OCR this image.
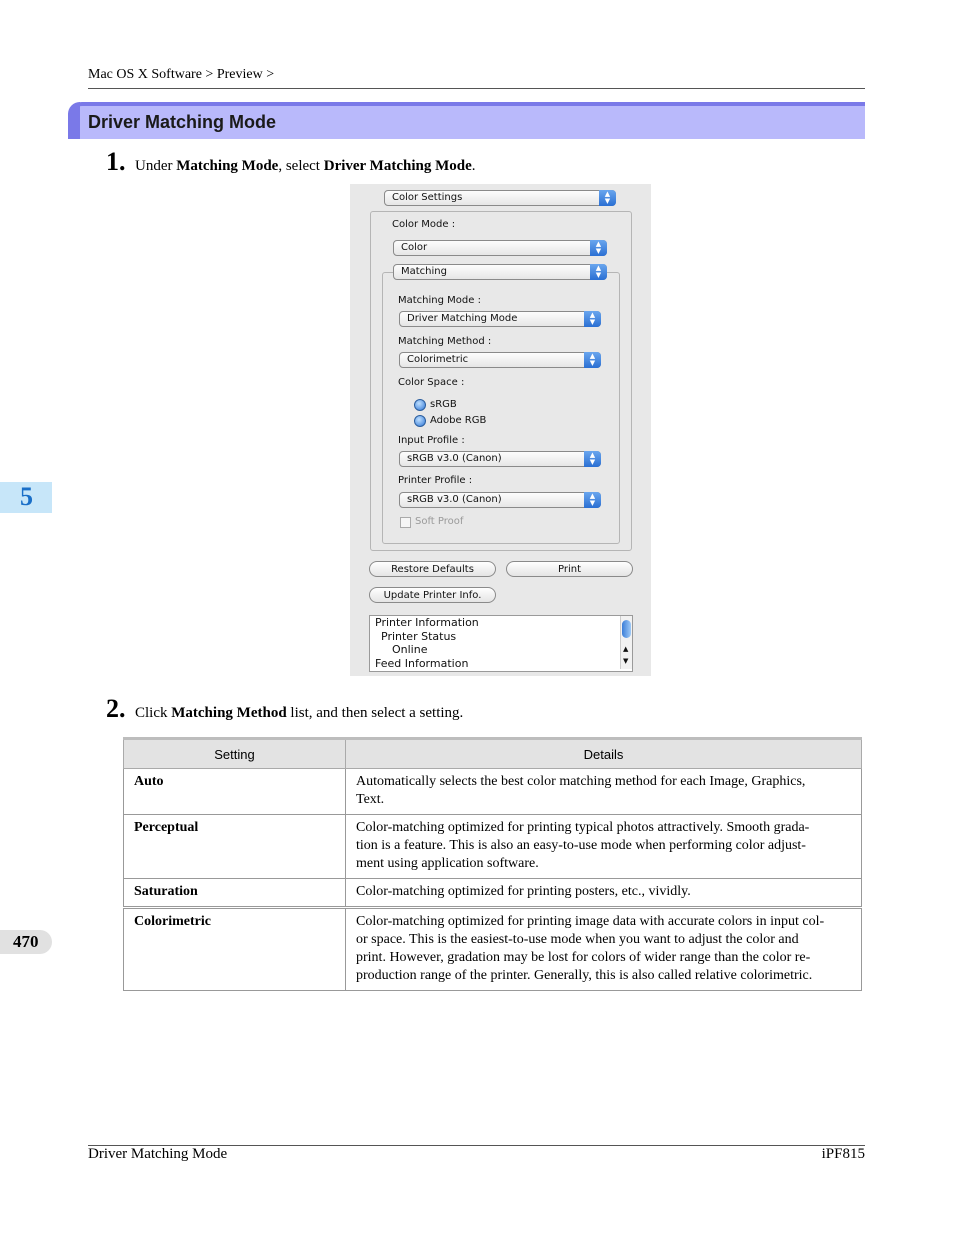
Mac OS X Software > Preview >
Driver Matching Mode
1. Under Matching Mode, select Driver Matching Mode.
Color Settings	▲
▼
Color Mode :
Color	▲
▼
Matching	▲
▼
Matching Mode :
Driver Matching Mode	▲
▼
Matching Method :
Colorimetric	▲
▼
Color Space :
sRGB
Adobe RGB
Input Profile :
sRGB v3.0 (Canon)	▲
▼
Printer Profile :
sRGB v3.0 (Canon)	▲
▼
Soft Proof
Restore Defaults	Print
Update Printer Info.
Printer Information
Printer Status
Online
Feed Information
▲
▼
2. Click Matching Method list, and then select a setting.
Setting	Details
Auto	Automatically selects the best color matching method for each Image, Graphics,
Text.

Perceptual	Color-matching optimized for printing typical photos attractively. Smooth grada-
tion is a feature. This is also an easy-to-use mode when performing color adjust-
ment using application software.

Saturation	Color-matching optimized for printing posters, etc., vividly.

Colorimetric	Color-matching optimized for printing image data with accurate colors in input col-
or space. This is the easiest-to-use mode when you want to adjust the color and
print. However, gradation may be lost for colors of wider range than the color re-
production range of the printer. Generally, this is also called relative colorimetric.
5
470
Driver Matching Mode	iPF815
